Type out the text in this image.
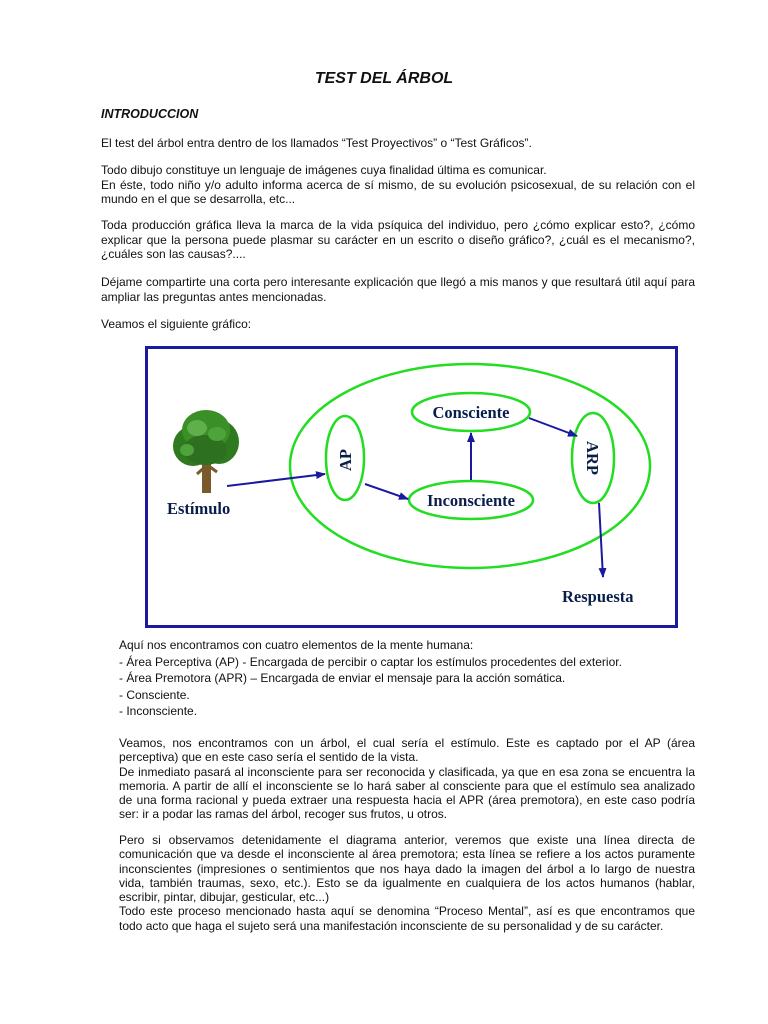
TEST DEL ÁRBOL
INTRODUCCION
El test del árbol entra dentro de los llamados “Test Proyectivos” o “Test Gráficos”.
Todo dibujo constituye un lenguaje de imágenes cuya finalidad última es comunicar.
En éste, todo niño y/o adulto informa acerca de sí mismo, de su evolución psicosexual, de su relación con el mundo en el que se desarrolla, etc...
Toda producción gráfica lleva la marca de la vida psíquica del individuo, pero ¿cómo explicar esto?, ¿cómo explicar que la persona puede plasmar su carácter en un escrito o diseño gráfico?, ¿cuál es el mecanismo?, ¿cuáles son las causas?....
Déjame compartirte una corta pero interesante explicación que llegó a mis manos y que resultará útil aquí para ampliar las preguntas antes mencionadas.
Veamos el siguiente gráfico:
Consciente
Inconsciente
AP	ARP
Estímulo
Respuesta
Aquí nos encontramos con cuatro elementos de la mente humana:
- Área Perceptiva (AP) - Encargada de percibir o captar los estímulos procedentes del exterior.
- Área Premotora (APR) – Encargada de enviar el mensaje para la acción somática.
- Consciente.
- Inconsciente.
Veamos, nos encontramos con un árbol, el cual sería el estímulo. Este es captado por el AP (área perceptiva) que en este caso sería el sentido de la vista.
De inmediato pasará al inconsciente para ser reconocida y clasificada, ya que en esa zona se encuentra la memoria. A partir de allí el inconsciente se lo hará saber al consciente para que el estímulo sea analizado de una forma racional y pueda extraer una respuesta hacia el APR (área premotora), en este caso podría ser: ir a podar las ramas del árbol, recoger sus frutos, u otros.
Pero si observamos detenidamente el diagrama anterior, veremos que existe una línea directa de comunicación que va desde el inconsciente al área premotora; esta línea se refiere a los actos puramente inconscientes (impresiones o sentimientos que nos haya dado la imagen del árbol a lo largo de nuestra vida, también traumas, sexo, etc.). Esto se da igualmente en cualquiera de los actos humanos (hablar, escribir, pintar, dibujar, gesticular, etc...)
Todo este proceso mencionado hasta aquí se denomina “Proceso Mental”, así es que encontramos que todo acto que haga el sujeto será una manifestación inconsciente de su personalidad y de su carácter.
